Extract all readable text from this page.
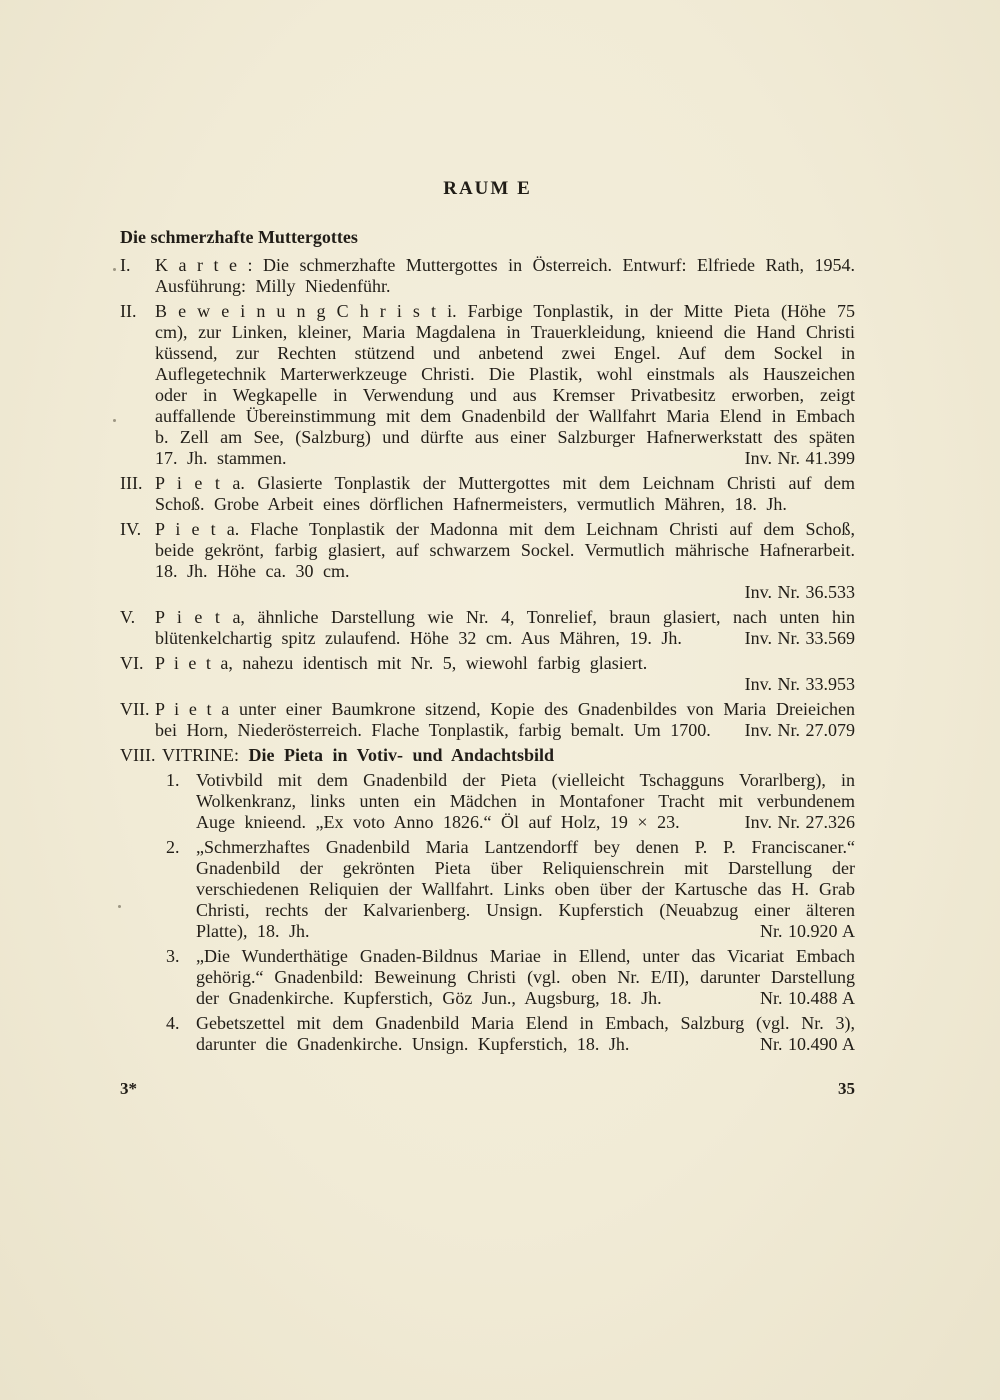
RAUM E
Die schmerzhafte Muttergottes
I.	K a r t e : Die schmerzhafte Muttergottes in Österreich. Entwurf: Elfriede Rath, 1954. Ausführung: Milly Niedenführ.

II.	B e w e i n u n g C h r i s t i. Farbige Tonplastik, in der Mitte Pieta (Höhe 75 cm), zur Linken, kleiner, Maria Magdalena in Trauerkleidung, knieend die Hand Christi küssend, zur Rechten stützend und anbetend zwei Engel. Auf dem Sockel in Auflegetechnik Marterwerkzeuge Christi. Die Plastik, wohl einstmals als Hauszeichen oder in Wegkapelle in Verwendung und aus Kremser Privatbesitz erworben, zeigt auffallende Übereinstimmung mit dem Gnadenbild der Wallfahrt Maria Elend in Embach b. Zell am See, (Salzburg) und dürfte aus einer Salzburger Hafnerwerkstatt des späten 17. Jh. stammen.	Inv. Nr. 41.399

III. P i e t a. Glasierte Tonplastik der Muttergottes mit dem Leichnam Christi auf dem Schoß. Grobe Arbeit eines dörflichen Hafnermeisters, vermutlich Mähren, 18. Jh.

IV. P i e t a. Flache Tonplastik der Madonna mit dem Leichnam Christi auf dem Schoß, beide gekrönt, farbig glasiert, auf schwarzem Sockel. Vermutlich mährische Hafnerarbeit. 18. Jh. Höhe ca. 30 cm.

Inv. Nr. 36.533
V.	P i e t a, ähnliche Darstellung wie Nr. 4, Tonrelief, braun glasiert, nach unten hin blütenkelchartig spitz zulaufend. Höhe 32 cm. Aus Mähren, 19. Jh.	Inv. Nr. 33.569

VI. P i e t a, nahezu identisch mit Nr. 5, wiewohl farbig glasiert.

Inv. Nr. 33.953
VII. P i e t a unter einer Baumkrone sitzend, Kopie des Gnadenbildes von Maria Dreieichen bei Horn, Niederösterreich. Flache Tonplastik, farbig bemalt. Um 1700. Inv. Nr. 27.079

VIII. VITRINE: Die Pieta in Votiv- und Andachtsbild

1. Votivbild mit dem Gnadenbild der Pieta (vielleicht Tschagguns Vorarlberg), in Wolkenkranz, links unten ein Mädchen in Montafoner Tracht mit verbundenem Auge knieend. „Ex voto Anno 1826.“ Öl auf Holz, 19 × 23.	Inv. Nr. 27.326

2. „Schmerzhaftes Gnadenbild Maria Lantzendorff bey denen P. P. Franciscaner.“ Gnadenbild der gekrönten Pieta über Reliquienschrein mit Darstellung der verschiedenen Reliquien der Wallfahrt. Links oben über der Kartusche das H. Grab Christi, rechts der Kalvarienberg. Unsign. Kupferstich (Neuabzug einer älteren Platte), 18. Jh.	Nr. 10.920 A

3. „Die Wunderthätige Gnaden-Bildnus Mariae in Ellend, unter das Vicariat Embach gehörig.“ Gnadenbild: Beweinung Christi (vgl. oben Nr. E/II), darunter Darstellung der Gnadenkirche. Kupferstich, Göz Jun., Augsburg, 18. Jh.	Nr. 10.488 A

4. Gebetszettel mit dem Gnadenbild Maria Elend in Embach, Salzburg (vgl. Nr. 3), darunter die Gnadenkirche. Unsign. Kupferstich, 18. Jh.	Nr. 10.490 A

3*	35
